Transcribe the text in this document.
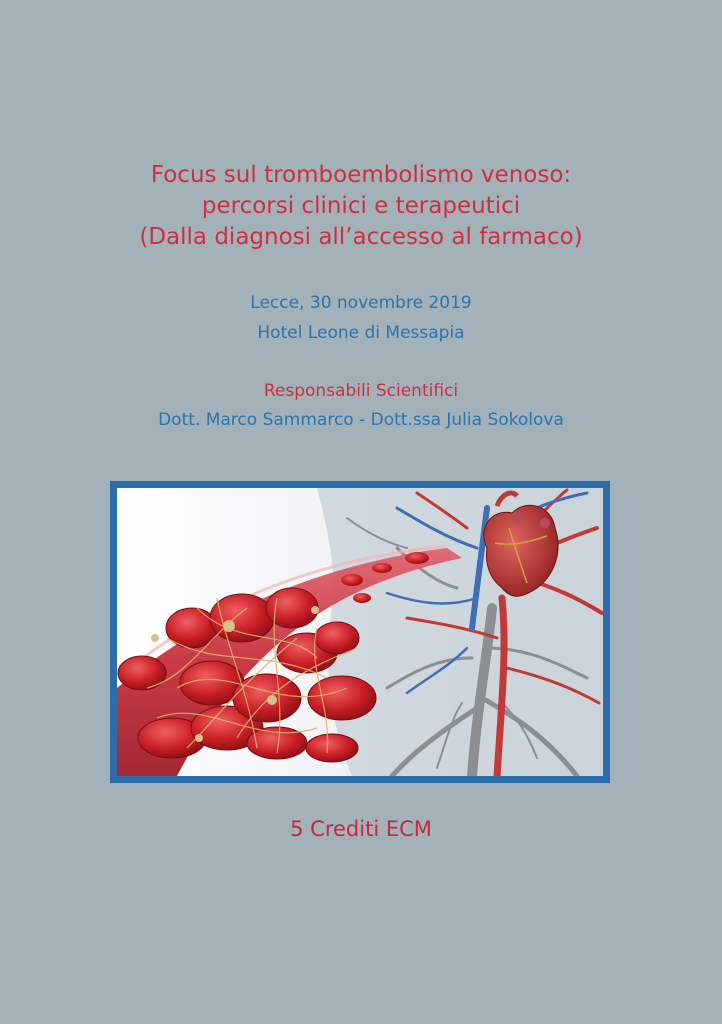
Focus sul tromboembolismo venoso:
percorsi clinici e terapeutici
(Dalla diagnosi all’accesso al farmaco)
Lecce, 30 novembre 2019
Hotel Leone di Messapia
Responsabili Scientifici
Dott. Marco Sammarco - Dott.ssa Julia Sokolova
5 Crediti ECM
